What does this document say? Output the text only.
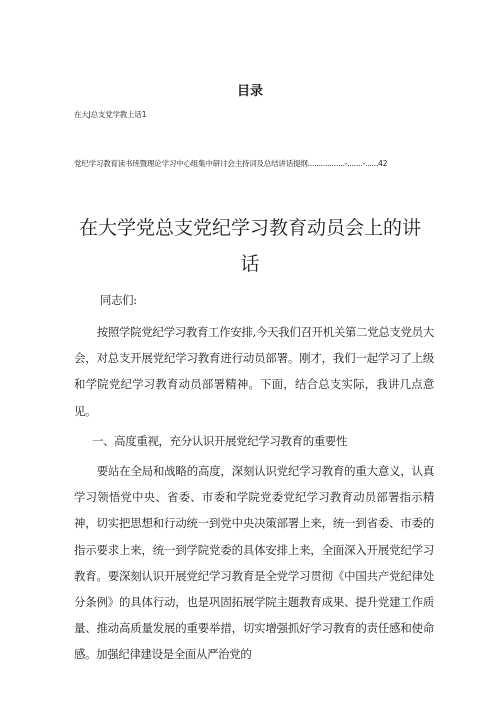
目录
在大J总支党学教上话1
党纪学习教育读书班暨理论学习中心组集中研讨会主持词及总结讲话提纲.................-.......-......42
在大学党总支党纪学习教育动员会上的讲话

同志们:

按照学院党纪学习教育工作安排,今天我们召开机关第二党总支党员大会，对总支开展党纪学习教育进行动员部署。刚才，我们一起学习了上级和学院党纪学习教育动员部署精神。下面，结合总支实际，我讲几点意见。

一、高度重视，充分认识开展党纪学习教育的重要性

要站在全局和战略的高度，深刻认识党纪学习教育的重大意义，认真学习领悟党中央、省委、市委和学院党委党纪学习教育动员部署指示精神，切实把思想和行动统一到党中央决策部署上来，统一到省委、市委的指示要求上来，统一到学院党委的具体安排上来，全面深入开展党纪学习教育。要深刻认识开展党纪学习教育是全党学习贯彻《中国共产党纪律处分条例》的具体行动，也是巩固拓展学院主题教育成果、提升党建工作质量、推动高质量发展的重要举措，切实增强抓好学习教育的责任感和使命感。加强纪律建设是全面从严治党的
